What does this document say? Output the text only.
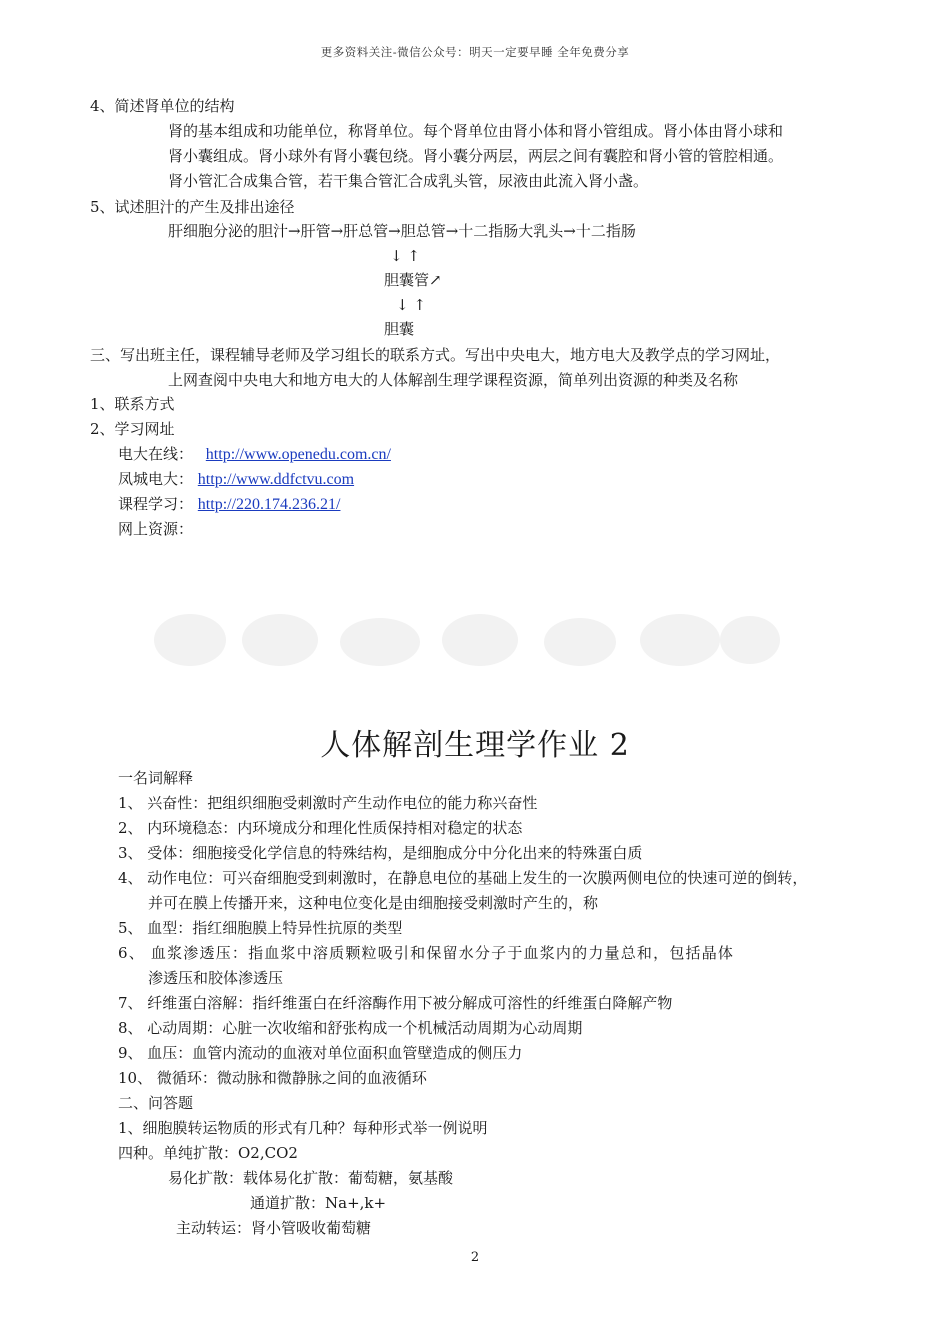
更多资料关注-微信公众号：明天一定要早睡 全年免费分享
4、简述肾单位的结构
肾的基本组成和功能单位，称肾单位。每个肾单位由肾小体和肾小管组成。肾小体由肾小球和
肾小囊组成。肾小球外有肾小囊包绕。肾小囊分两层，两层之间有囊腔和肾小管的管腔相通。
肾小管汇合成集合管，若干集合管汇合成乳头管，尿液由此流入肾小盏。
5、试述胆汁的产生及排出途径
肝细胞分泌的胆汁→肝管→肝总管→胆总管→十二指肠大乳头→十二指肠
↓ ↑
胆囊管↗
↓ ↑
胆囊
三、写出班主任，课程辅导老师及学习组长的联系方式。写出中央电大，地方电大及教学点的学习网址，
上网查阅中央电大和地方电大的人体解剖生理学课程资源，简单列出资源的种类及名称
1、联系方式
2、学习网址
电大在线： http://www.openedu.com.cn/
凤城电大： http://www.ddfctvu.com
课程学习： http://220.174.236.21/
网上资源：
人体解剖生理学作业 2
一名词解释
1、 兴奋性：把组织细胞受刺激时产生动作电位的能力称兴奋性
2、 内环境稳态：内环境成分和理化性质保持相对稳定的状态
3、 受体：细胞接受化学信息的特殊结构，是细胞成分中分化出来的特殊蛋白质
4、 动作电位：可兴奋细胞受到刺激时，在静息电位的基础上发生的一次膜两侧电位的快速可逆的倒转，
并可在膜上传播开来，这种电位变化是由细胞接受刺激时产生的，称
5、 血型：指红细胞膜上特异性抗原的类型
6、 血浆渗透压：指血浆中溶质颗粒吸引和保留水分子于血浆内的力量总和，包括晶体
渗透压和胶体渗透压
7、 纤维蛋白溶解：指纤维蛋白在纤溶酶作用下被分解成可溶性的纤维蛋白降解产物
8、 心动周期：心脏一次收缩和舒张构成一个机械活动周期为心动周期
9、 血压：血管内流动的血液对单位面积血管壁造成的侧压力
10、 微循环：微动脉和微静脉之间的血液循环
二、问答题
1、细胞膜转运物质的形式有几种？每种形式举一例说明
四种。单纯扩散：O2,CO2
易化扩散：载体易化扩散：葡萄糖，氨基酸
通道扩散：Na+,k+
主动转运：肾小管吸收葡萄糖
2
